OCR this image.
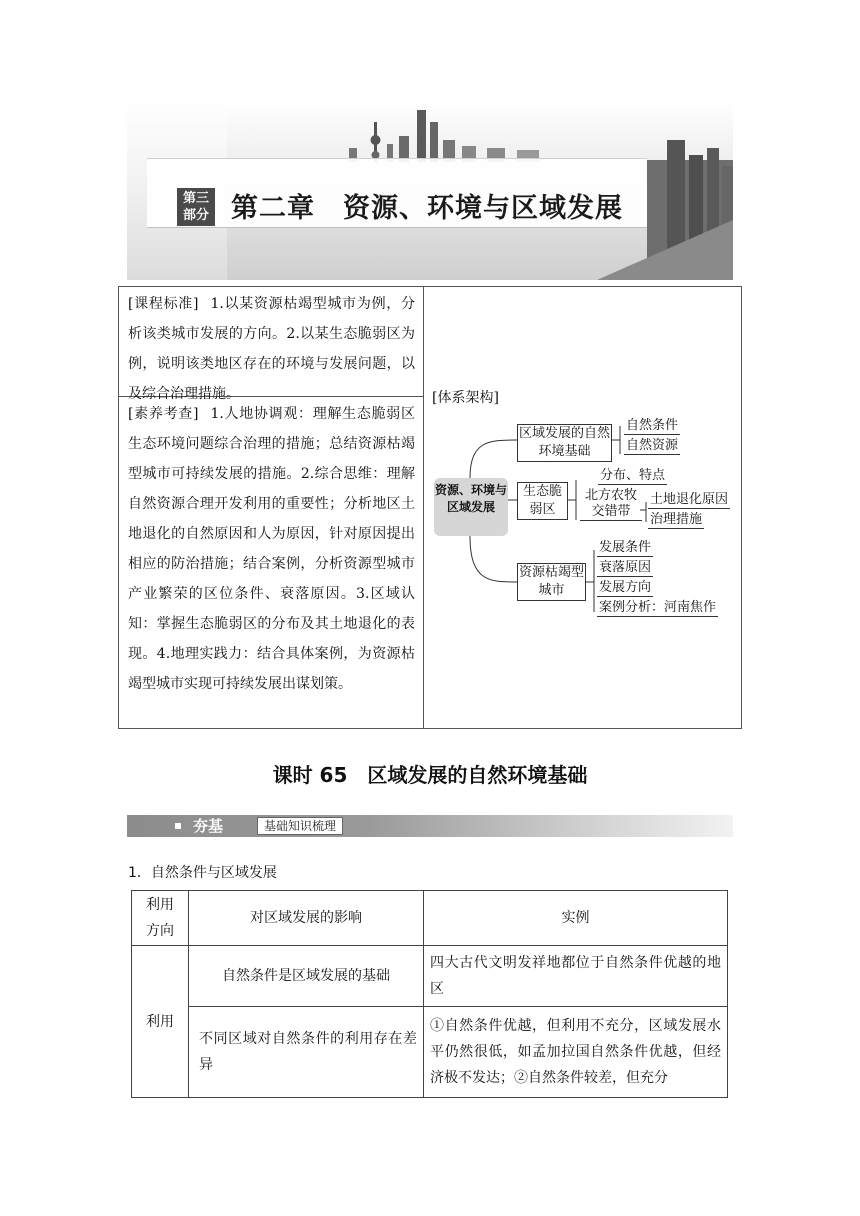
第三
部分 第二章　资源、环境与区域发展
[课程标准] 1.以某资源枯竭型城市为例，分析该类城市发展的方向。2.以某生态脆弱区为例，说明该类地区存在的环境与发展问题，以及综合治理措施。
[素养考查] 1.人地协调观：理解生态脆弱区生态环境问题综合治理的措施；总结资源枯竭型城市可持续发展的措施。2.综合思维：理解自然资源合理开发利用的重要性；分析地区土地退化的自然原因和人为原因，针对原因提出相应的防治措施；结合案例，分析资源型城市产业繁荣的区位条件、衰落原因。3.区域认知：掌握生态脆弱区的分布及其土地退化的表现。4.地理实践力：结合具体案例，为资源枯竭型城市实现可持续发展出谋划策。
[体系架构]
资源、环境与区域发展
区域发展的自然环境基础
自然条件
自然资源
生态脆弱区
分布、特点
北方农牧交错带
土地退化原因
治理措施
资源枯竭型城市
发展条件
衰落原因
发展方向
案例分析：河南焦作
课时 65　区域发展的自然环境基础
夯基	基础知识梳理
1．自然条件与区域发展
利用方向	对区域发展的影响	实例
利用	自然条件是区域发展的基础	四大古代文明发祥地都位于自然条件优越的地区
	不同区域对自然条件的利用存在差异	①自然条件优越，但利用不充分，区域发展水平仍然很低，如孟加拉国自然条件优越，但经济极不发达；②自然条件较差，但充分
